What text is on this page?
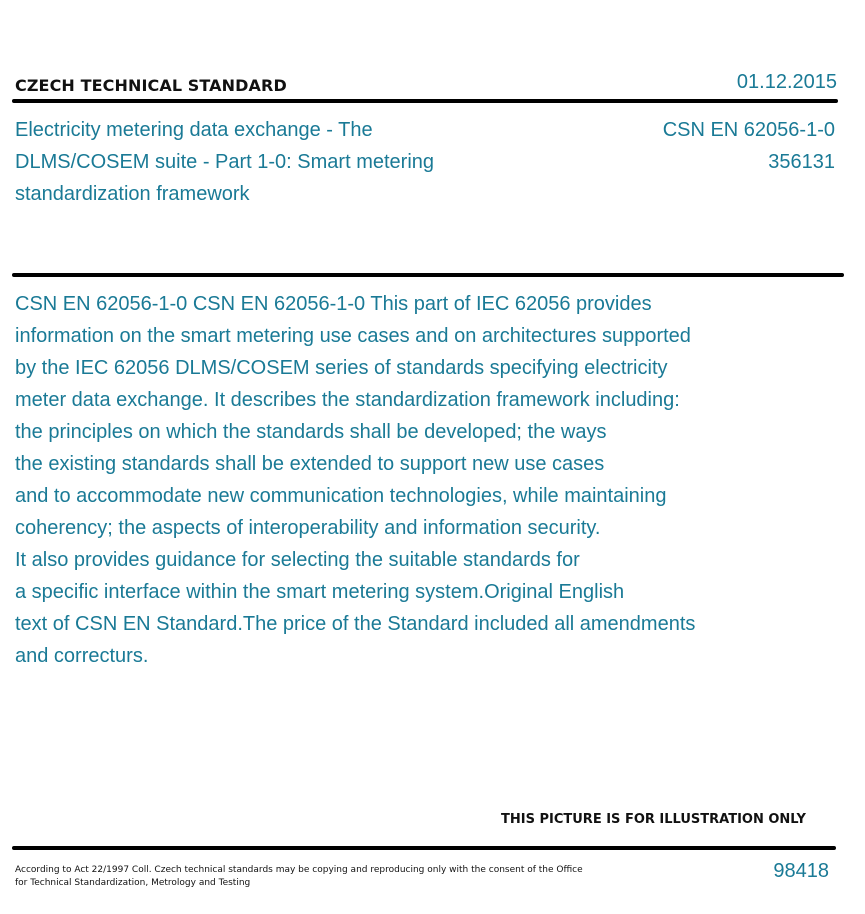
CZECH TECHNICAL STANDARD	01.12.2015
Electricity metering data exchange - The
DLMS/COSEM suite - Part 1-0: Smart metering
standardization framework
CSN EN 62056-1-0
356131
CSN EN 62056-1-0 CSN EN 62056-1-0 This part of IEC 62056 provides
information on the smart metering use cases and on architectures supported
by the IEC 62056 DLMS/COSEM series of standards specifying electricity
meter data exchange. It describes the standardization framework including:
the principles on which the standards shall be developed; the ways
the existing standards shall be extended to support new use cases
and to accommodate new communication technologies, while maintaining
coherency; the aspects of interoperability and information security.
It also provides guidance for selecting the suitable standards for
a specific interface within the smart metering system.Original English
text of CSN EN Standard.The price of the Standard included all amendments
and correcturs.
THIS PICTURE IS FOR ILLUSTRATION ONLY
According to Act 22/1997 Coll. Czech technical standards may be copying and reproducing only with the consent of the Office
for Technical Standardization, Metrology and Testing
98418
